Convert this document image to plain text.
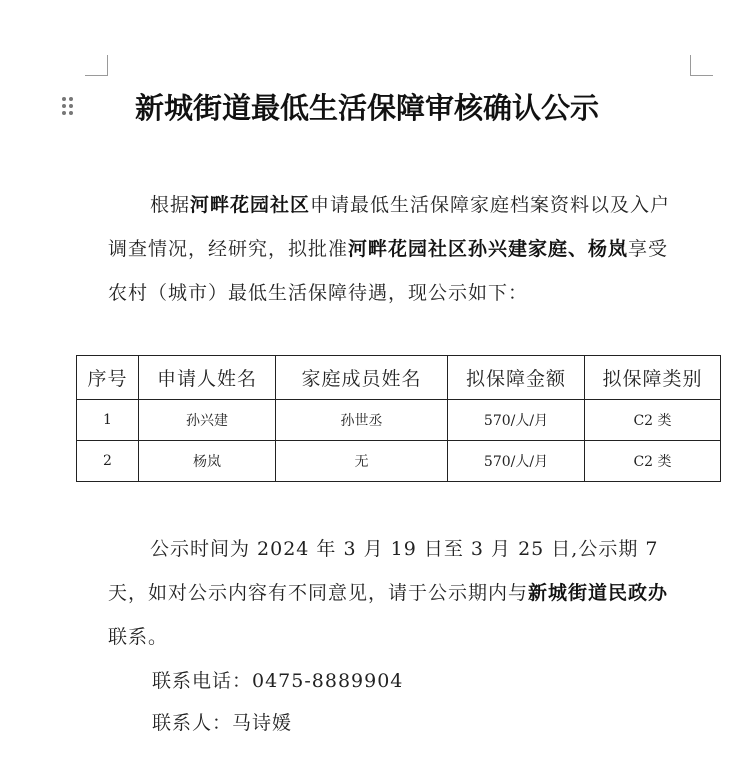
新城街道最低生活保障审核确认公示
根据河畔花园社区申请最低生活保障家庭档案资料以及入户调查情况，经研究，拟批准河畔花园社区孙兴建家庭、杨岚享受农村（城市）最低生活保障待遇，现公示如下：
序号	申请人姓名	家庭成员姓名	拟保障金额	拟保障类别
1	孙兴建	孙世丞	570/人/月	C2 类
2	杨岚	无	570/人/月	C2 类
公示时间为 2024 年 3 月 19 日至 3 月 25 日,公示期 7 天，如对公示内容有不同意见，请于公示期内与新城街道民政办
联系。
联系电话：0475-8889904
联系人：马诗媛
